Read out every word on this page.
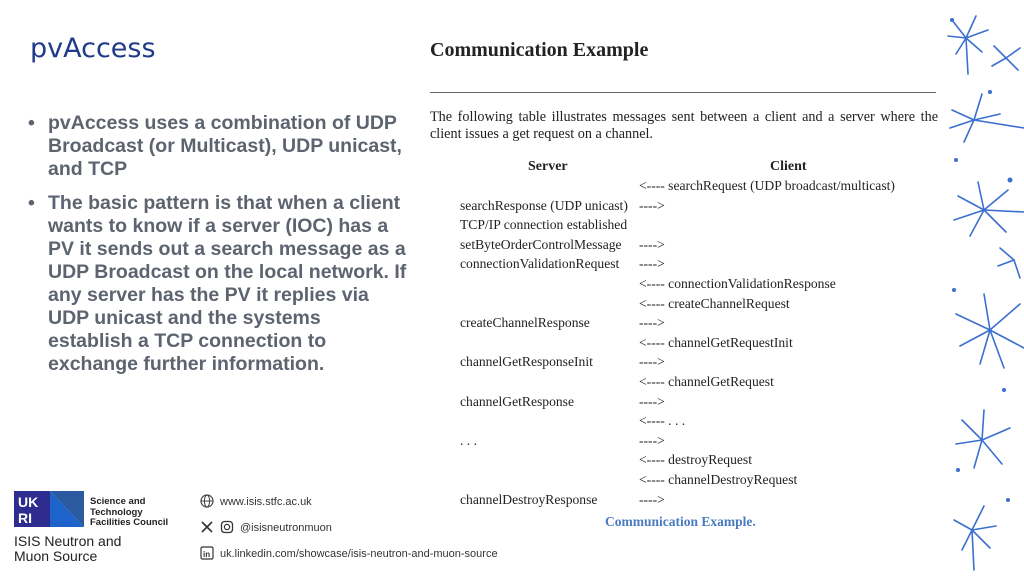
pvAccess
• pvAccess uses a combination of UDP Broadcast (or Multicast), UDP unicast, and TCP
• The basic pattern is that when a client wants to know if a server (IOC) has a PV it sends out a search message as a UDP Broadcast on the local network. If any server has the PV it replies via UDP unicast and the systems establish a TCP connection to exchange further information.
Communication Example
The following table illustrates messages sent between a client and a server where the client issues a get request on a channel.
Server	Client
<---- searchRequest (UDP broadcast/multicast)
searchResponse (UDP unicast) ---->
TCP/IP connection established
setByteOrderControlMessage ---->
connectionValidationRequest ---->
<---- connectionValidationResponse
<---- createChannelRequest
createChannelResponse	---->
<---- channelGetRequestInit
channelGetResponseInit	---->
<---- channelGetRequest
channelGetResponse	---->
<---- . . .
. . .	---->
<---- destroyRequest
<---- channelDestroyRequest
channelDestroyResponse	---->
Communication Example.
UK
RI
Science and
Technology
Facilities Council
ISIS Neutron and
Muon Source
www.isis.stfc.ac.uk
@isisneutronmuon
in uk.linkedin.com/showcase/isis-neutron-and-muon-source
